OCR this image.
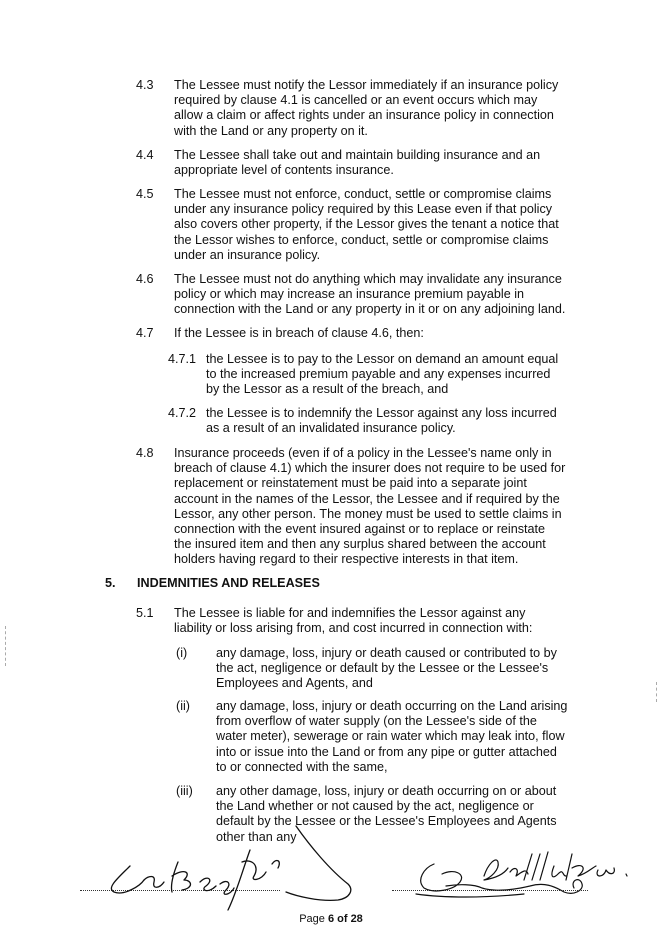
4.3 The Lessee must notify the Lessor immediately if an insurance policy required by clause 4.1 is cancelled or an event occurs which may allow a claim or affect rights under an insurance policy in connection with the Land or any property on it.
4.4 The Lessee shall take out and maintain building insurance and an appropriate level of contents insurance.
4.5 The Lessee must not enforce, conduct, settle or compromise claims under any insurance policy required by this Lease even if that policy also covers other property, if the Lessor gives the tenant a notice that the Lessor wishes to enforce, conduct, settle or compromise claims under an insurance policy.
4.6 The Lessee must not do anything which may invalidate any insurance policy or which may increase an insurance premium payable in connection with the Land or any property in it or on any adjoining land.
4.7 If the Lessee is in breach of clause 4.6, then:
4.7.1 the Lessee is to pay to the Lessor on demand an amount equal to the increased premium payable and any expenses incurred by the Lessor as a result of the breach, and
4.7.2 the Lessee is to indemnify the Lessor against any loss incurred as a result of an invalidated insurance policy.
4.8 Insurance proceeds (even if of a policy in the Lessee's name only in breach of clause 4.1) which the insurer does not require to be used for replacement or reinstatement must be paid into a separate joint account in the names of the Lessor, the Lessee and if required by the Lessor, any other person. The money must be used to settle claims in connection with the event insured against or to replace or reinstate the insured item and then any surplus shared between the account holders having regard to their respective interests in that item.
5. INDEMNITIES AND RELEASES
5.1 The Lessee is liable for and indemnifies the Lessor against any liability or loss arising from, and cost incurred in connection with:
(i) any damage, loss, injury or death caused or contributed to by the act, negligence or default by the Lessee or the Lessee's Employees and Agents, and
(ii) any damage, loss, injury or death occurring on the Land arising from overflow of water supply (on the Lessee's side of the water meter), sewerage or rain water which may leak into, flow into or issue into the Land or from any pipe or gutter attached to or connected with the same,
(iii) any other damage, loss, injury or death occurring on or about the Land whether or not caused by the act, negligence or default by the Lessee or the Lessee's Employees and Agents other than any
Page 6 of 28
